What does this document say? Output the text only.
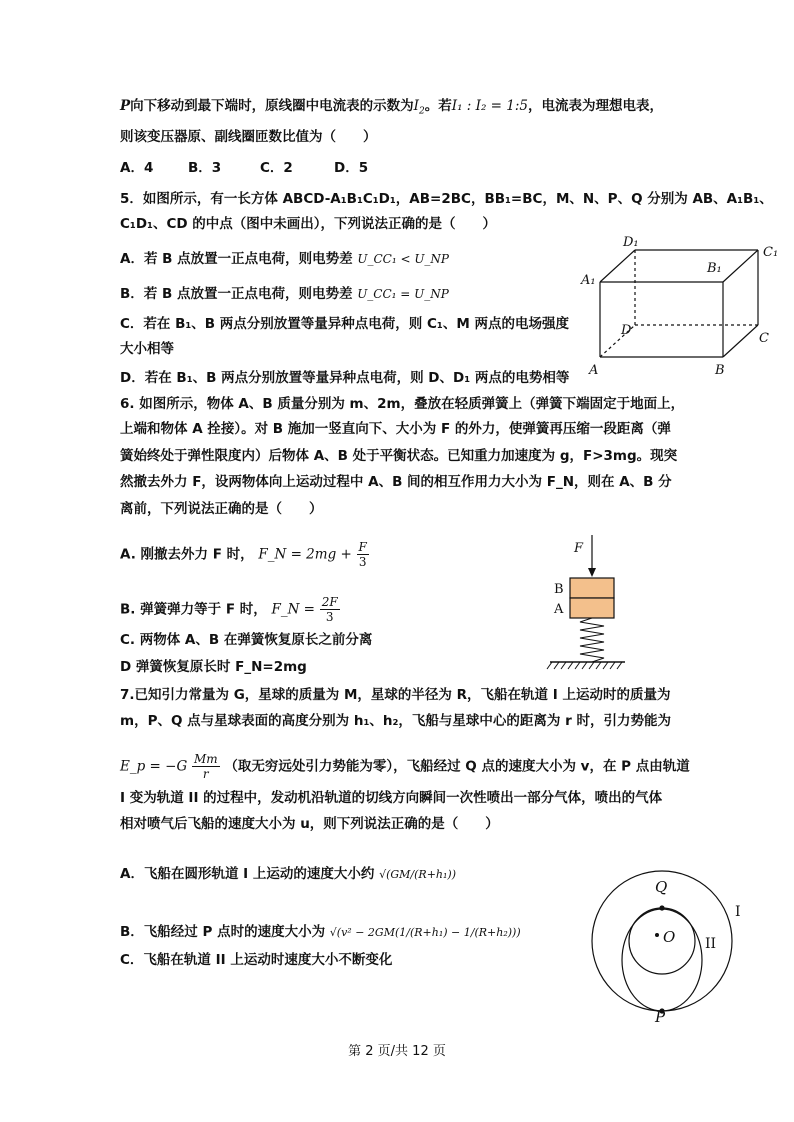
P向下移动到最下端时，原线圈中电流表的示数为$I_2$。若I₁ : I₂ = 1:5，电流表为理想电表，
则该变压器原、副线圈匝数比值为（　　）
A．4	B．3	C．2	D．5
5．如图所示，有一长方体 ABCD-A₁B₁C₁D₁，AB=2BC，BB₁=BC，M、N、P、Q 分别为 AB、A₁B₁、
C₁D₁、CD 的中点（图中未画出），下列说法正确的是（　　）
A．若 B 点放置一正点电荷，则电势差 U_CC₁ < U_NP
B．若 B 点放置一正点电荷，则电势差 U_CC₁ = U_NP
C．若在 B₁、B 两点分别放置等量异种点电荷，则 C₁、M 两点的电场强度
大小相等
D．若在 B₁、B 两点分别放置等量异种点电荷，则 D、D₁ 两点的电势相等
D₁
C₁
A₁
B₁
D
C
A	B
6. 如图所示，物体 A、B 质量分别为 m、2m，叠放在轻质弹簧上（弹簧下端固定于地面上，
上端和物体 A 拴接）。对 B 施加一竖直向下、大小为 F 的外力，使弹簧再压缩一段距离（弹
簧始终处于弹性限度内）后物体 A、B 处于平衡状态。已知重力加速度为 g，F>3mg。现突
然撤去外力 F，设两物体向上运动过程中 A、B 间的相互作用力大小为 F_N，则在 A、B 分
离前，下列说法正确的是（　　）
A. 刚撤去外力 F 时， F_N = $2mg + \frac{F}{3}$
B. 弹簧弹力等于 F 时， F_N = $\frac{2F}{3}$
C. 两物体 A、B 在弹簧恢复原长之前分离
D 弹簧恢复原长时 F_N=2mg
F
B
A
7.已知引力常量为 G，星球的质量为 M，星球的半径为 R，飞船在轨道 I 上运动时的质量为
m，P、Q 点与星球表面的高度分别为 h₁、h₂，飞船与星球中心的距离为 r 时，引力势能为
E_p = $-G \frac{Mm}{r}$ （取无穷远处引力势能为零），飞船经过 Q 点的速度大小为 v，在 P 点由轨道
I 变为轨道 II 的过程中，发动机沿轨道的切线方向瞬间一次性喷出一部分气体，喷出的气体
相对喷气后飞船的速度大小为 u，则下列说法正确的是（　　）
A．飞船在圆形轨道 I 上运动的速度大小约 √(GM/(R+h₁))
B．飞船经过 P 点时的速度大小为 √(v² − 2GM(1/(R+h₁) − 1/(R+h₂)))
C．飞船在轨道 II 上运动时速度大小不断变化
Q
O
P
I
II
第 2 页/共 12 页
